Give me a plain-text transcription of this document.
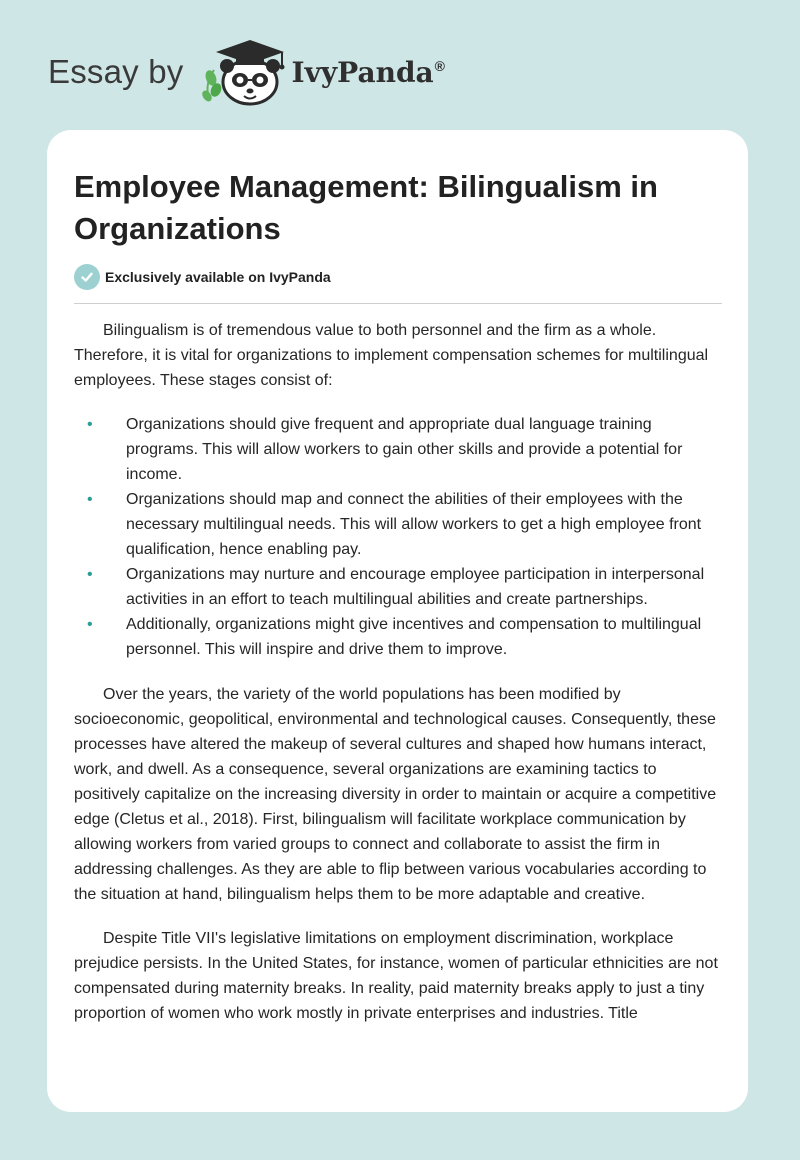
Essay by	IvyPanda®
Employee Management: Bilingualism in Organizations
Exclusively available on IvyPanda

Bilingualism is of tremendous value to both personnel and the firm as a whole. Therefore, it is vital for organizations to implement compensation schemes for multilingual employees. These stages consist of:

• Organizations should give frequent and appropriate dual language training programs. This will allow workers to gain other skills and provide a potential for income.
• Organizations should map and connect the abilities of their employees with the necessary multilingual needs. This will allow workers to get a high employee front qualification, hence enabling pay.
• Organizations may nurture and encourage employee participation in interpersonal activities in an effort to teach multilingual abilities and create partnerships.
• Additionally, organizations might give incentives and compensation to multilingual personnel. This will inspire and drive them to improve.

Over the years, the variety of the world populations has been modified by socioeconomic, geopolitical, environmental and technological causes. Consequently, these processes have altered the makeup of several cultures and shaped how humans interact, work, and dwell. As a consequence, several organizations are examining tactics to positively capitalize on the increasing diversity in order to maintain or acquire a competitive edge (Cletus et al., 2018). First, bilingualism will facilitate workplace communication by allowing workers from varied groups to connect and collaborate to assist the firm in addressing challenges. As they are able to flip between various vocabularies according to the situation at hand, bilingualism helps them to be more adaptable and creative.

Despite Title VII's legislative limitations on employment discrimination, workplace prejudice persists. In the United States, for instance, women of particular ethnicities are not compensated during maternity breaks. In reality, paid maternity breaks apply to just a tiny proportion of women who work mostly in private enterprises and industries. Title
